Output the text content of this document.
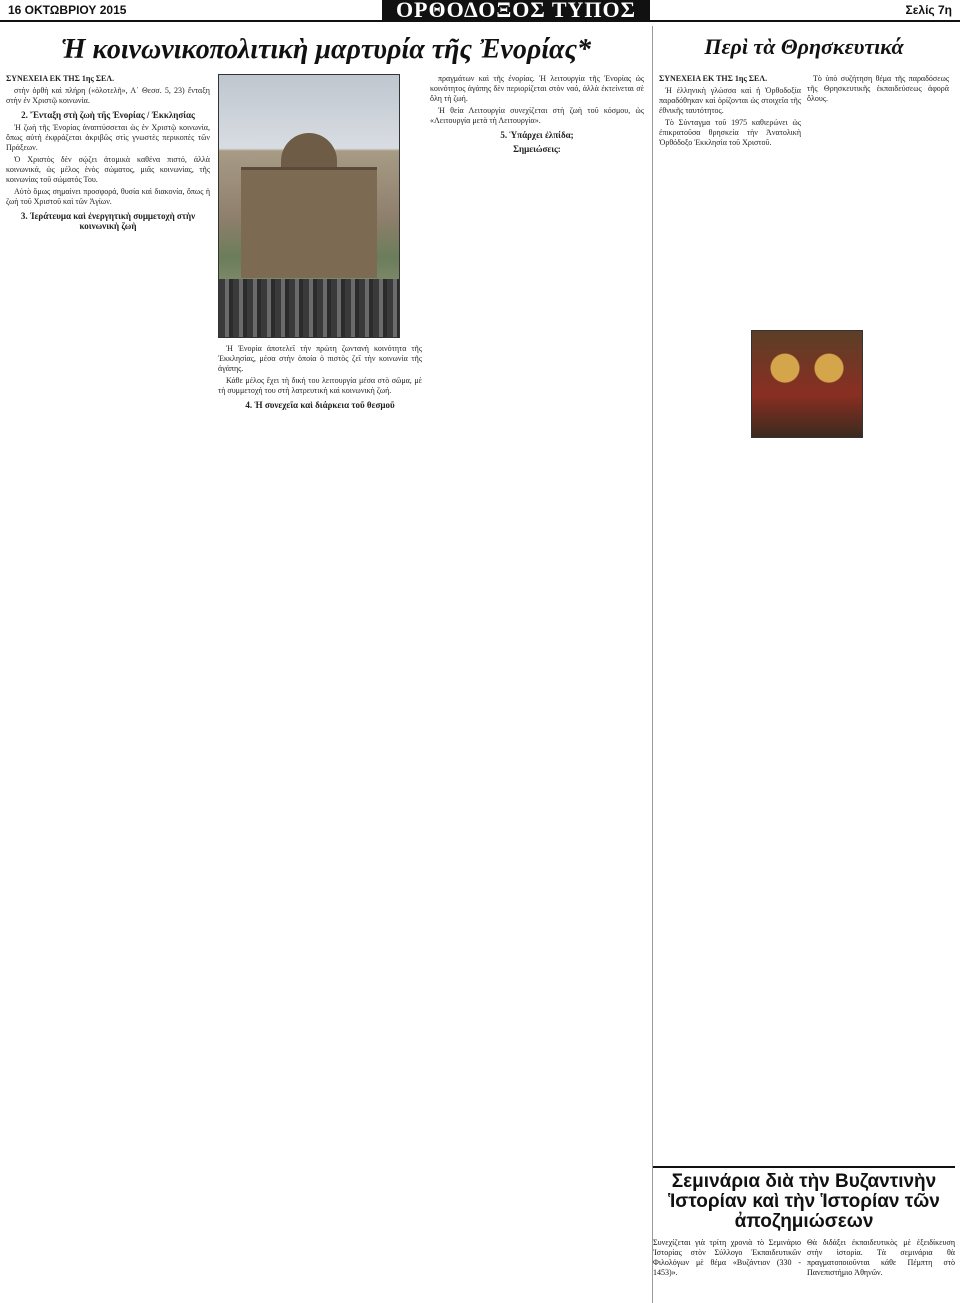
16 ΟΚΤΩΒΡΙΟΥ 2015	ΟΡΘΟΔΟΞΟΣ ΤΥΠΟΣ	Σελίς 7η
Ἡ κοινωνικοπολιτικὴ μαρτυρία τῆς Ἐνορίας*

ΣΥΝΕΧΕΙΑ ΕΚ ΤΗΣ 1ης ΣΕΛ.

στὴν ὀρθὴ καὶ πλήρη («ὁλοτελῆ», Α΄ Θεσσ. 5, 23) ἔνταξη στὴν ἐν Χριστῷ κοινωνία.

2. Ἔνταξη στὴ ζωὴ τῆς Ἐνορίας / Ἐκκλησίας

Ἡ ζωὴ τῆς Ἐνορίας ἀναπτύσσεται ὡς ἐν Χριστῷ κοινωνία, ὅπως αὐτὴ ἐκφράζεται ἀκριβῶς στὶς γνωστὲς περικοπὲς τῶν Πράξεων.

Ὁ Χριστὸς δὲν σῴζει ἀτομικὰ καθένα πιστό, ἀλλὰ κοινωνικά, ὡς μέλος ἑνὸς σώματος, μιᾶς κοινωνίας, τῆς κοινωνίας τοῦ σώματός Του.

Αὐτὸ ὅμως σημαίνει προσφορά, θυσία καὶ διακονία, ὅπως ἡ ζωὴ τοῦ Χριστοῦ καὶ τῶν Ἁγίων.

3. Ἱεράτευμα καὶ ἐνεργητικὴ συμμετοχὴ στὴν κοινωνικὴ ζωὴ

Ἡ Ἐνορία ἀποτελεῖ τὴν πρώτη ζωντανὴ κοινότητα τῆς Ἐκκλησίας, μέσα στὴν ὁποία ὁ πιστὸς ζεῖ τὴν κοινωνία τῆς ἀγάπης.

Κάθε μέλος ἔχει τὴ δική του λειτουργία μέσα στὸ σῶμα, μὲ τὴ συμμετοχή του στὴ λατρευτικὴ καὶ κοινωνικὴ ζωή.

4. Ἡ συνεχεῖα καὶ διάρκεια τοῦ θεσμοῦ

πραγμάτων καὶ τῆς ἐνορίας. Ἡ λειτουργία τῆς Ἐνορίας ὡς κοινότητος ἀγάπης δὲν περιορίζεται στὸν ναό, ἀλλὰ ἐκτείνεται σὲ ὅλη τὴ ζωή.

Ἡ θεία Λειτουργία συνεχίζεται στὴ ζωὴ τοῦ κόσμου, ὡς «Λειτουργία μετὰ τὴ Λειτουργία».

5. Ὑπάρχει ἐλπίδα;

Σημειώσεις:

Περὶ τὰ Θρησκευτικά

ΣΥΝΕΧΕΙΑ ΕΚ ΤΗΣ 1ης ΣΕΛ.

Ἡ ἐλληνικὴ γλώσσα καὶ ἡ Ὀρθοδοξία παραδόθηκαν καὶ ὁρίζονται ὡς στοιχεῖα τῆς ἐθνικῆς ταυτότητος.

Τὸ Σύνταγμα τοῦ 1975 καθιερώνει ὡς ἐπικρατοῦσα θρησκεία τὴν Ἀνατολικὴ Ὀρθόδοξο Ἐκκλησία τοῦ Χριστοῦ.

Τὸ ὑπὸ συζήτηση θέμα τῆς παραδόσεως τῆς Θρησκευτικῆς ἐκπαιδεύσεως ἀφορᾶ ὅλους.

Σεμινάρια διὰ τὴν Βυζαντινὴν Ἱστορίαν καὶ τὴν Ἱστορίαν τῶν ἀποζημιώσεων
Συνεχίζεται γιὰ τρίτη χρονιὰ τὸ Σεμινάριο Ἱστορίας στὸν Σύλλογο Ἐκπαιδευτικῶν Φιλολόγων μὲ θέμα «Βυζάντιον (330 - 1453)».
Θὰ διδάξει ἐκπαιδευτικὸς μὲ ἐξειδίκευση στὴν ἱστορία. Τὰ σεμινάρια θὰ πραγματοποιοῦνται κάθε Πέμπτη στὸ Πανεπιστήμιο Ἀθηνῶν.
